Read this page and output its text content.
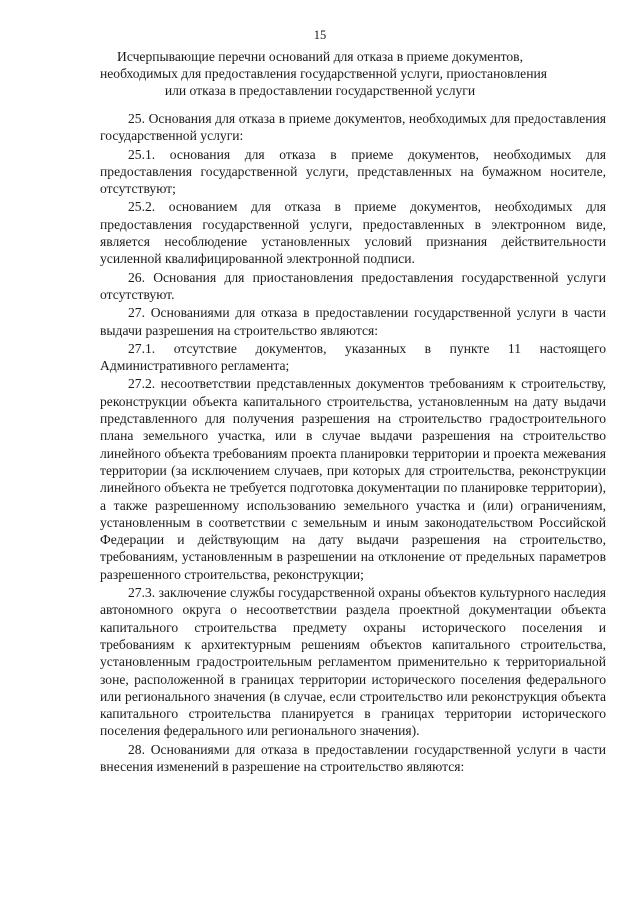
15
Исчерпывающие перечни оснований для отказа в приеме документов,
необходимых для предоставления государственной услуги, приостановления
или отказа в предоставлении государственной услуги

25. Основания для отказа в приеме документов, необходимых для предоставления государственной услуги:

25.1. основания для отказа в приеме документов, необходимых для предоставления государственной услуги, представленных на бумажном носителе, отсутствуют;

25.2. основанием для отказа в приеме документов, необходимых для предоставления государственной услуги, предоставленных в электронном виде, является несоблюдение установленных условий признания действительности усиленной квалифицированной электронной подписи.

26. Основания для приостановления предоставления государственной услуги отсутствуют.

27. Основаниями для отказа в предоставлении государственной услуги в части выдачи разрешения на строительство являются:

27.1. отсутствие документов, указанных в пункте 11 настоящего Административного регламента;

27.2. несоответствии представленных документов требованиям к строительству, реконструкции объекта капитального строительства, установленным на дату выдачи представленного для получения разрешения на строительство градостроительного плана земельного участка, или в случае выдачи разрешения на строительство линейного объекта требованиям проекта планировки территории и проекта межевания территории (за исключением случаев, при которых для строительства, реконструкции линейного объекта не требуется подготовка документации по планировке территории), а также разрешенному использованию земельного участка и (или) ограничениям, установленным в соответствии с земельным и иным законодательством Российской Федерации и действующим на дату выдачи разрешения на строительство, требованиям, установленным в разрешении на отклонение от предельных параметров разрешенного строительства, реконструкции;

27.3. заключение службы государственной охраны объектов культурного наследия автономного округа о несоответствии раздела проектной документации объекта капитального строительства предмету охраны исторического поселения и требованиям к архитектурным решениям объектов капитального строительства, установленным градостроительным регламентом применительно к территориальной зоне, расположенной в границах территории исторического поселения федерального или регионального значения (в случае, если строительство или реконструкция объекта капитального строительства планируется в границах территории исторического поселения федерального или регионального значения).

28. Основаниями для отказа в предоставлении государственной услуги в части внесения изменений в разрешение на строительство являются:
